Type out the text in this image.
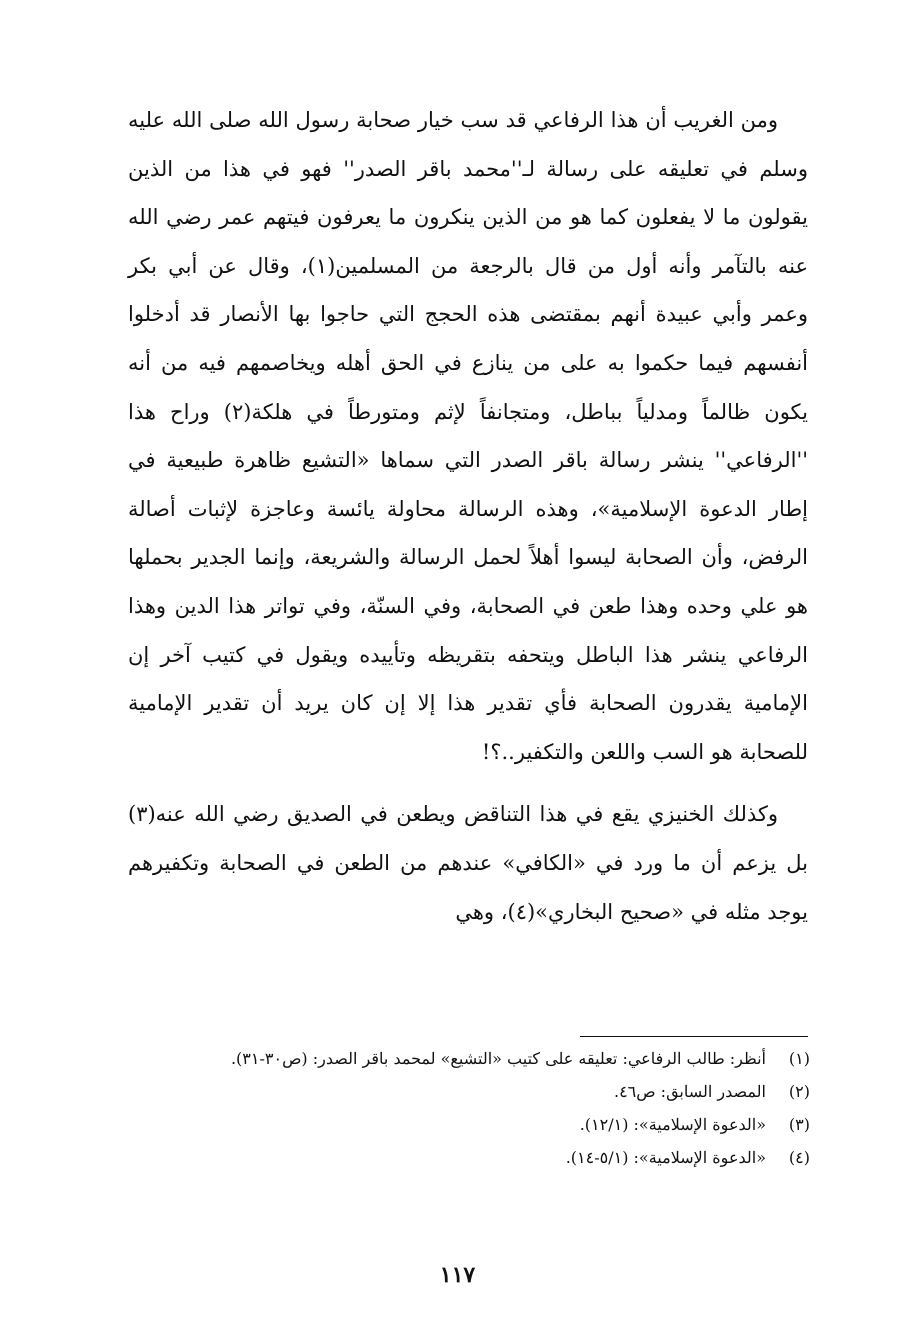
ومن الغريب أن هذا الرفاعي قد سب خيار صحابة رسول الله صلى الله عليه وسلم في تعليقه على رسالة لـ''محمد باقر الصدر'' فهو في هذا من الذين يقولون ما لا يفعلون كما هو من الذين ينكرون ما يعرفون فيتهم عمر رضي الله عنه بالتآمر وأنه أول من قال بالرجعة من المسلمين(١)، وقال عن أبي بكر وعمر وأبي عبيدة أنهم بمقتضى هذه الحجج التي حاجوا بها الأنصار قد أدخلوا أنفسهم فيما حكموا به على من ينازع في الحق أهله ويخاصمهم فيه من أنه يكون ظالماً ومدلياً بباطل، ومتجانفاً لإثم ومتورطاً في هلكة(٢) وراح هذا ''الرفاعي'' ينشر رسالة باقر الصدر التي سماها «التشيع ظاهرة طبيعية في إطار الدعوة الإسلامية»، وهذه الرسالة محاولة يائسة وعاجزة لإثبات أصالة الرفض، وأن الصحابة ليسوا أهلاً لحمل الرسالة والشريعة، وإنما الجدير بحملها هو علي وحده وهذا طعن في الصحابة، وفي السنّة، وفي تواتر هذا الدين وهذا الرفاعي ينشر هذا الباطل ويتحفه بتقريظه وتأييده ويقول في كتيب آخر إن الإمامية يقدرون الصحابة فأي تقدير هذا إلا إن كان يريد أن تقدير الإمامية للصحابة هو السب واللعن والتكفير..؟!

وكذلك الخنيزي يقع في هذا التناقض ويطعن في الصديق رضي الله عنه(٣) بل يزعم أن ما ورد في «الكافي» عندهم من الطعن في الصحابة وتكفيرهم يوجد مثله في «صحيح البخاري»(٤)، وهي

(١)
أنظر: طالب الرفاعي: تعليقه على كتيب «التشيع» لمحمد باقر الصدر: (ص٣٠-٣١).
(٢)
المصدر السابق: ص٤٦.
(٣)
«الدعوة الإسلامية»: (١٢/١).
(٤)
«الدعوة الإسلامية»: (٥/١-١٤).
١١٧
